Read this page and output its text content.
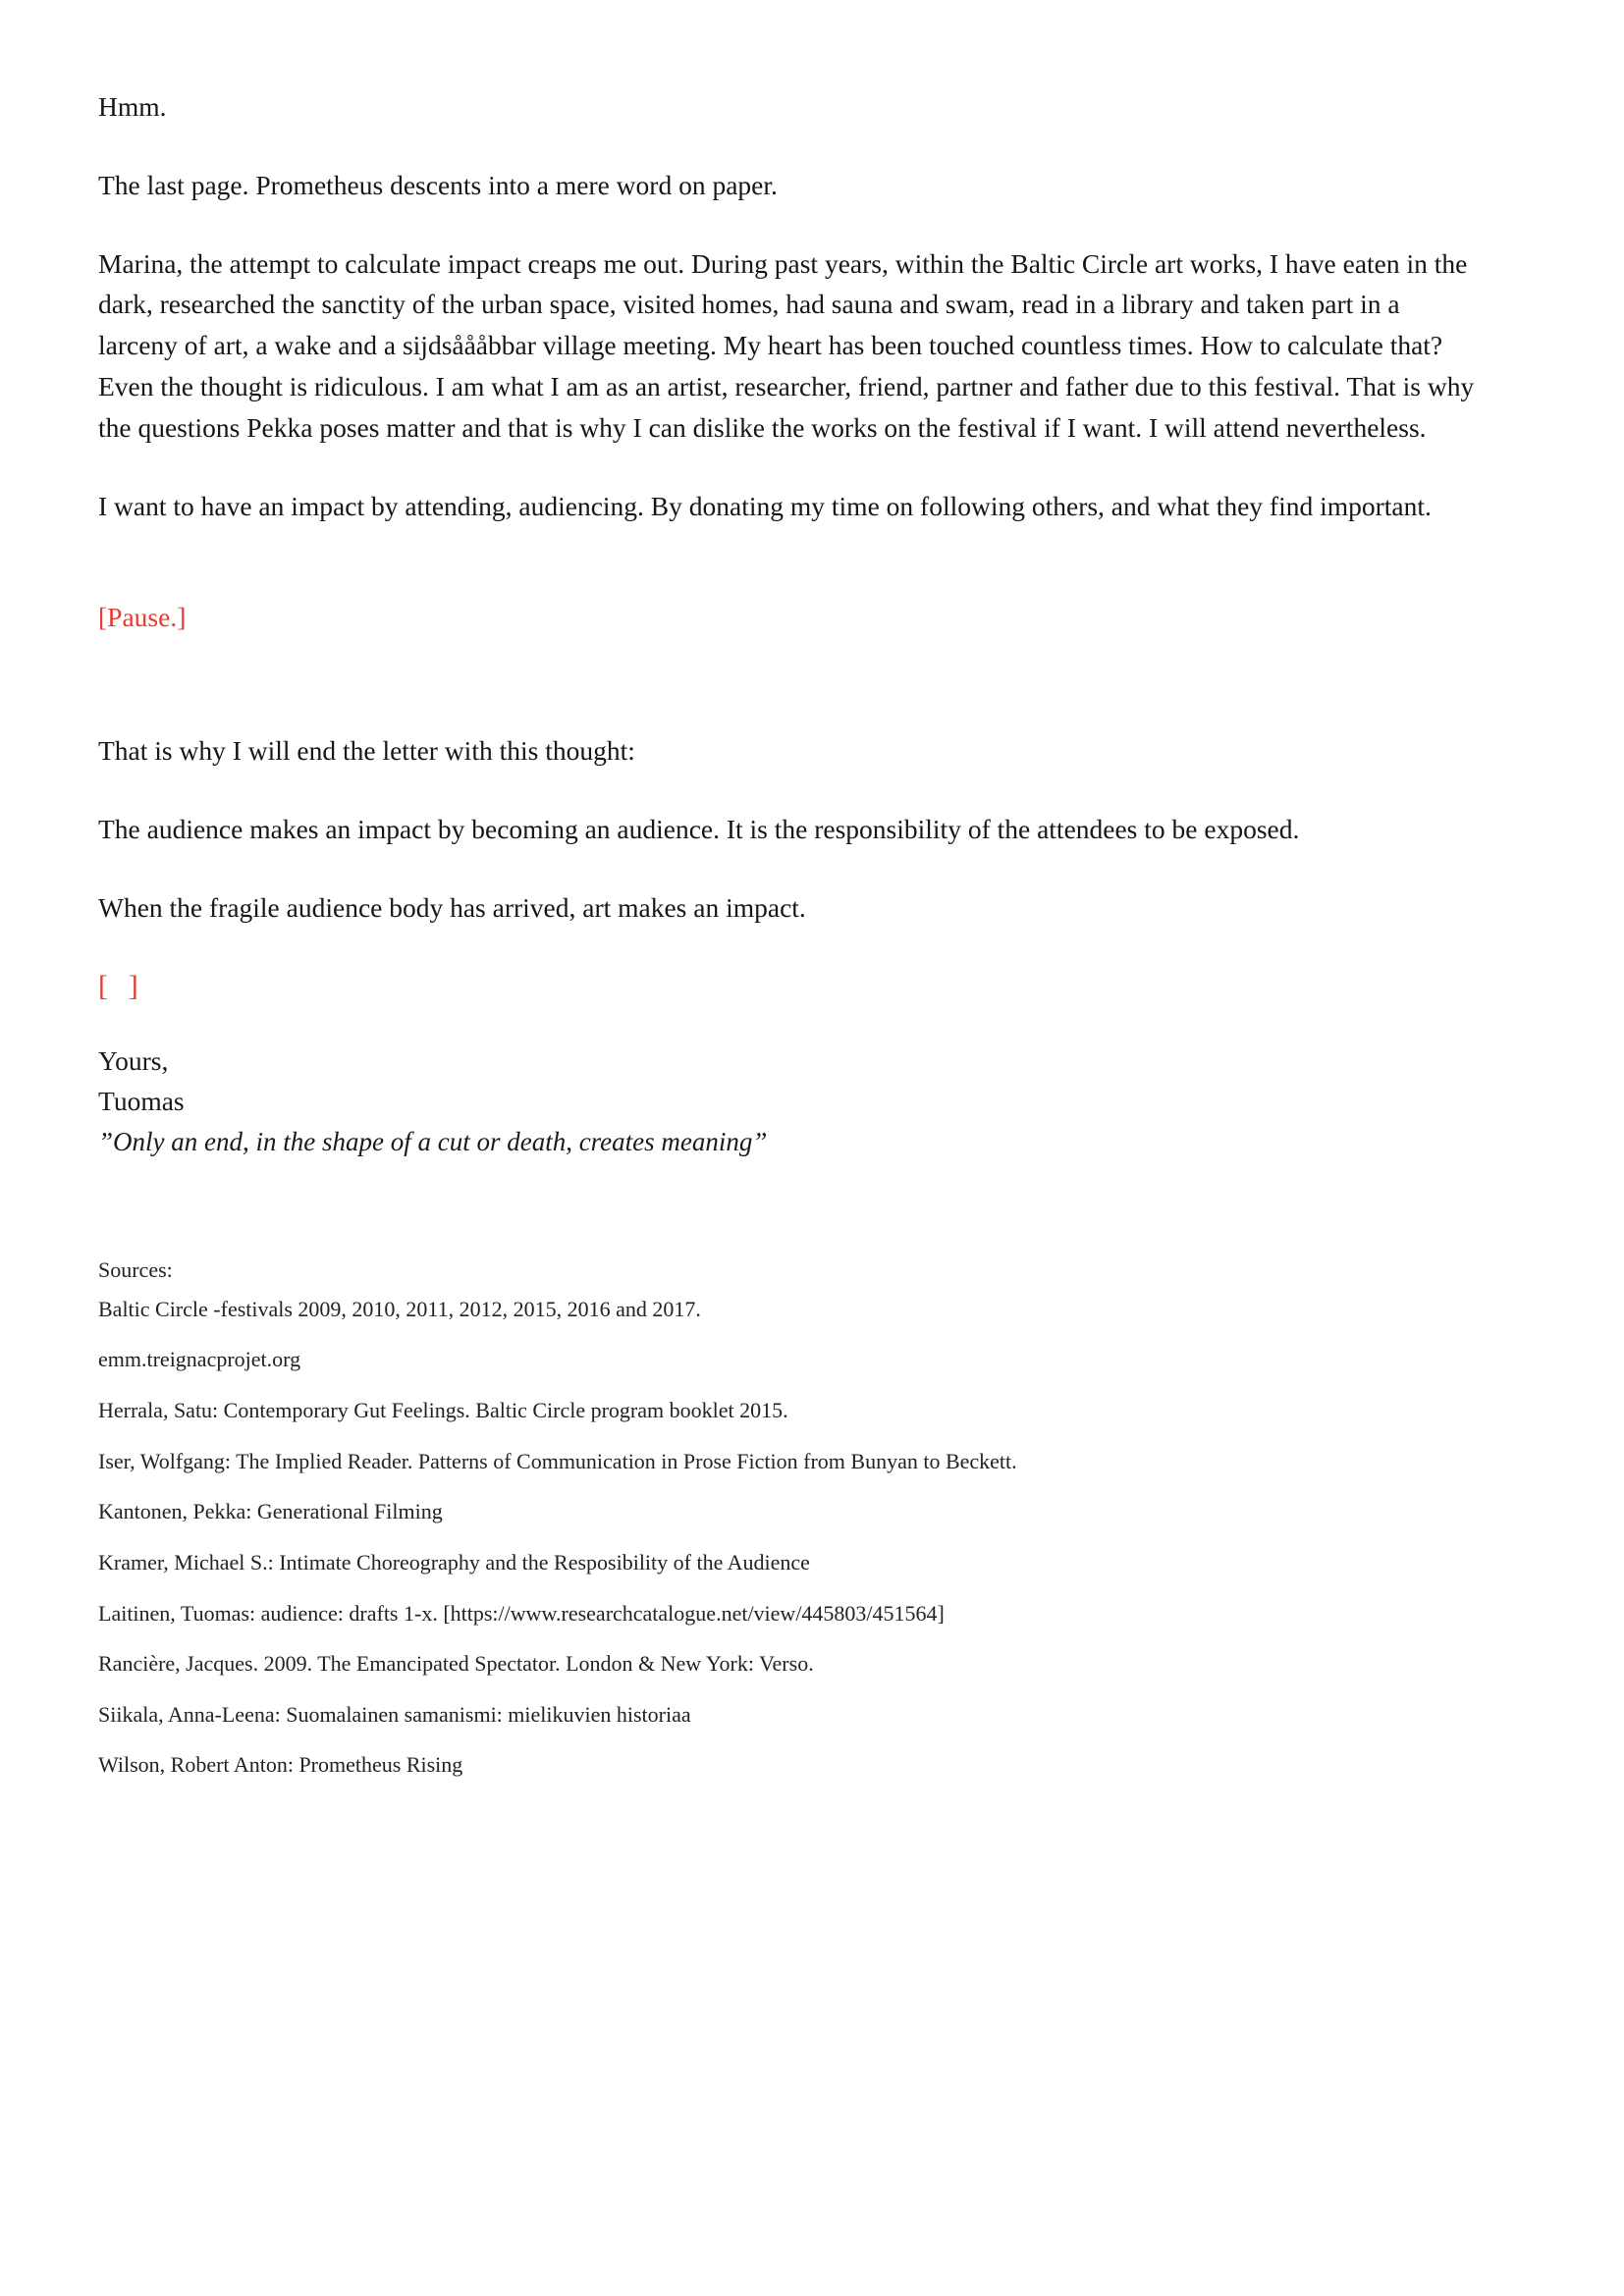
Hmm.

The last page. Prometheus descents into a mere word on paper.

Marina, the attempt to calculate impact creaps me out. During past years, within the Baltic Circle art works, I have eaten in the dark, researched the sanctity of the urban space, visited homes, had sauna and swam, read in a library and taken part in a larceny of art, a wake and a sijdsåååbbar village meeting. My heart has been touched countless times. How to calculate that? Even the thought is ridiculous. I am what I am as an artist, researcher, friend, partner and father due to this festival. That is why the questions Pekka poses matter and that is why I can dislike the works on the festival if I want. I will attend nevertheless.

I want to have an impact by attending, audiencing. By donating my time on following others, and what they find important.

[Pause.]

That is why I will end the letter with this thought:

The audience makes an impact by becoming an audience. It is the responsibility of the attendees to be exposed.

When the fragile audience body has arrived, art makes an impact.

[ ]

Yours,

Tuomas

”Only an end, in the shape of a cut or death, creates meaning”

Sources:

Baltic Circle -festivals 2009, 2010, 2011, 2012, 2015, 2016 and 2017.

emm.treignacprojet.org

Herrala, Satu: Contemporary Gut Feelings. Baltic Circle program booklet 2015.

Iser, Wolfgang: The Implied Reader. Patterns of Communication in Prose Fiction from Bunyan to Beckett.

Kantonen, Pekka: Generational Filming

Kramer, Michael S.: Intimate Choreography and the Resposibility of the Audience

Laitinen, Tuomas: audience: drafts 1-x. [https://www.researchcatalogue.net/view/445803/451564]

Rancière, Jacques. 2009. The Emancipated Spectator. London & New York: Verso.

Siikala, Anna-Leena: Suomalainen samanismi: mielikuvien historiaa

Wilson, Robert Anton: Prometheus Rising
